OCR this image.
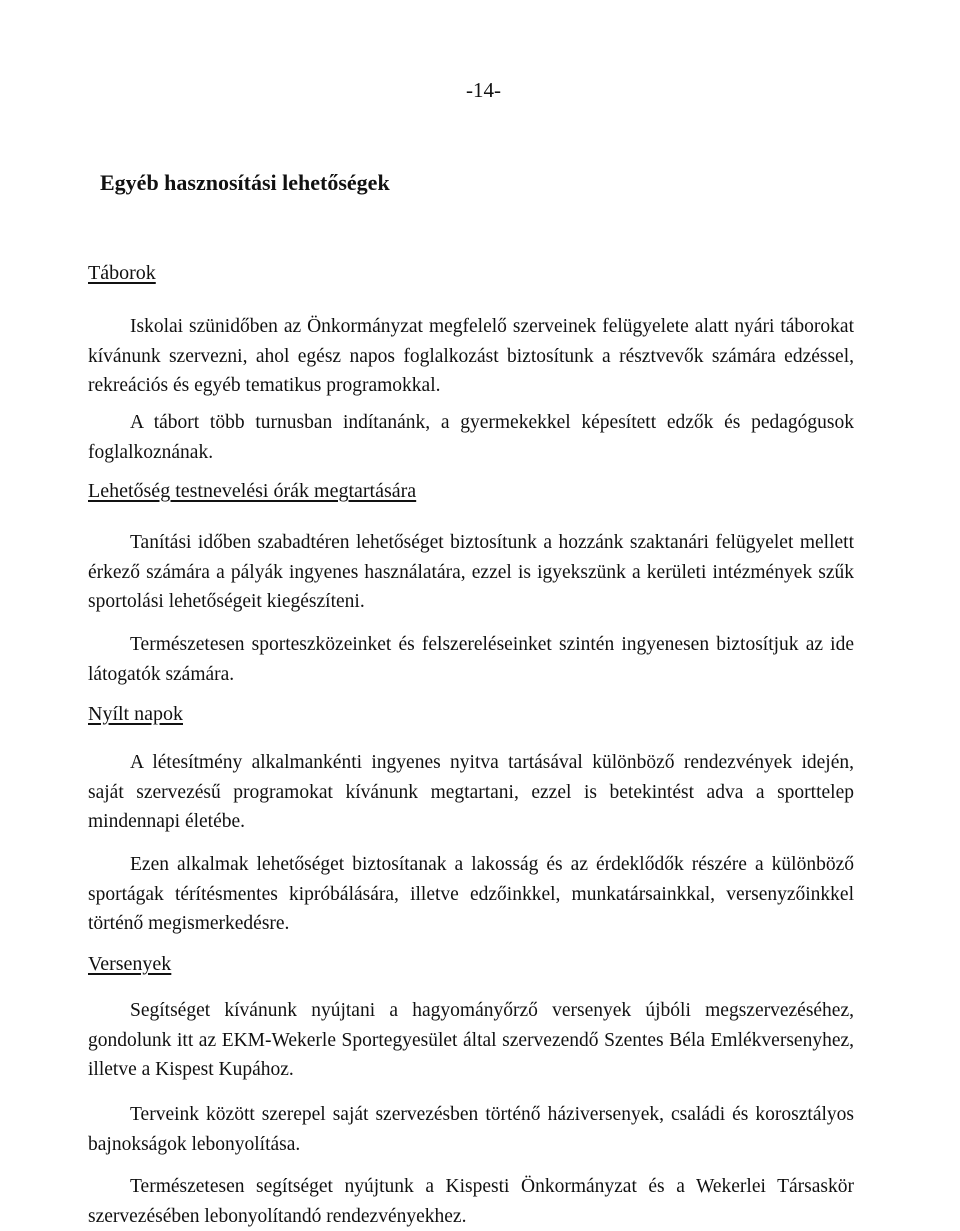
-14-
Egyéb hasznosítási lehetőségek
Táborok

Iskolai szünidőben az Önkormányzat megfelelő szerveinek felügyelete alatt nyári táborokat kívánunk szervezni, ahol egész napos foglalkozást biztosítunk a résztvevők számára edzéssel, rekreációs és egyéb tematikus programokkal.

A tábort több turnusban indítanánk, a gyermekekkel képesített edzők és pedagógusok foglalkoznának.

Lehetőség testnevelési órák megtartására

Tanítási időben szabadtéren lehetőséget biztosítunk a hozzánk szaktanári felügyelet mellett érkező számára a pályák ingyenes használatára, ezzel is igyekszünk a kerületi intézmények szűk sportolási lehetőségeit kiegészíteni.

Természetesen sporteszközeinket és felszereléseinket szintén ingyenesen biztosítjuk az ide látogatók számára.

Nyílt napok

A létesítmény alkalmankénti ingyenes nyitva tartásával különböző rendezvények idején, saját szervezésű programokat kívánunk megtartani, ezzel is betekintést adva a sporttelep mindennapi életébe.

Ezen alkalmak lehetőséget biztosítanak a lakosság és az érdeklődők részére a különböző sportágak térítésmentes kipróbálására, illetve edzőinkkel, munkatársainkkal, versenyzőinkkel történő megismerkedésre.

Versenyek

Segítséget kívánunk nyújtani a hagyományőrző versenyek újbóli megszervezéséhez, gondolunk itt az EKM-Wekerle Sportegyesület által szervezendő Szentes Béla Emlékversenyhez, illetve a Kispest Kupához.

Terveink között szerepel saját szervezésben történő háziversenyek, családi és korosztályos bajnokságok lebonyolítása.

Természetesen segítséget nyújtunk a Kispesti Önkormányzat és a Wekerlei Társaskör szervezésében lebonyolítandó rendezvényekhez.
